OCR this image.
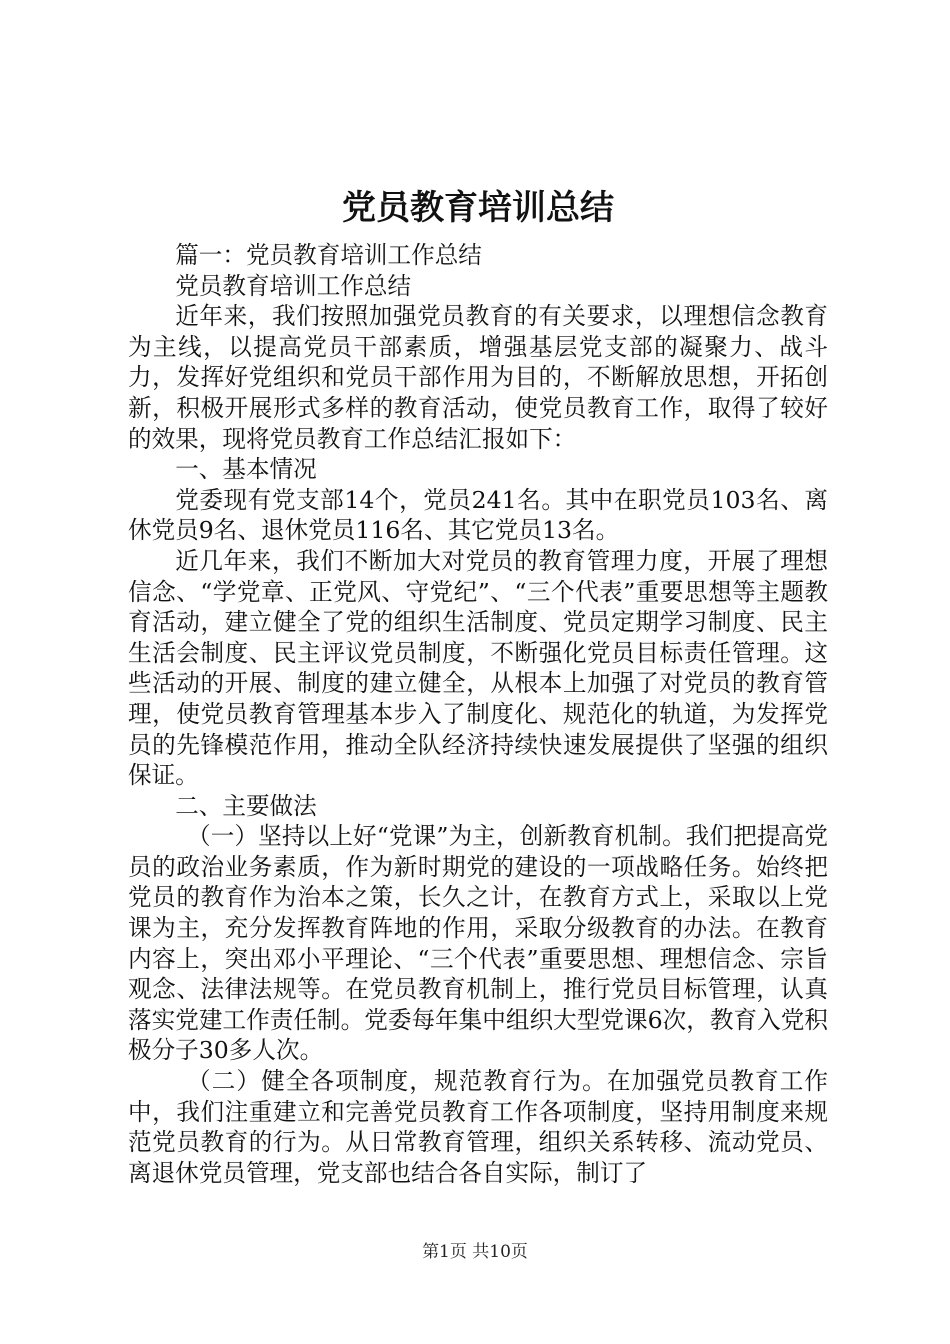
党员教育培训总结

篇一：党员教育培训工作总结

党员教育培训工作总结

近年来，我们按照加强党员教育的有关要求，以理想信念教育为主线，以提高党员干部素质，增强基层党支部的凝聚力、战斗力，发挥好党组织和党员干部作用为目的，不断解放思想，开拓创新，积极开展形式多样的教育活动，使党员教育工作，取得了较好的效果，现将党员教育工作总结汇报如下：

一、基本情况

党委现有党支部14个，党员241名。其中在职党员103名、离休党员9名、退休党员116名、其它党员13名。

近几年来，我们不断加大对党员的教育管理力度，开展了理想信念、“学党章、正党风、守党纪”、“三个代表”重要思想等主题教育活动，建立健全了党的组织生活制度、党员定期学习制度、民主生活会制度、民主评议党员制度，不断强化党员目标责任管理。这些活动的开展、制度的建立健全，从根本上加强了对党员的教育管理，使党员教育管理基本步入了制度化、规范化的轨道，为发挥党员的先锋模范作用，推动全队经济持续快速发展提供了坚强的组织保证。

二、主要做法

（一）坚持以上好“党课”为主，创新教育机制。我们把提高党员的政治业务素质，作为新时期党的建设的一项战略任务。始终把党员的教育作为治本之策，长久之计，在教育方式上，采取以上党课为主，充分发挥教育阵地的作用，采取分级教育的办法。在教育内容上，突出邓小平理论、“三个代表”重要思想、理想信念、宗旨观念、法律法规等。在党员教育机制上，推行党员目标管理，认真落实党建工作责任制。党委每年集中组织大型党课6次，教育入党积极分子30多人次。

（二）健全各项制度，规范教育行为。在加强党员教育工作中，我们注重建立和完善党员教育工作各项制度，坚持用制度来规范党员教育的行为。从日常教育管理，组织关系转移、流动党员、离退休党员管理，党支部也结合各自实际，制订了

第1页 共10页
